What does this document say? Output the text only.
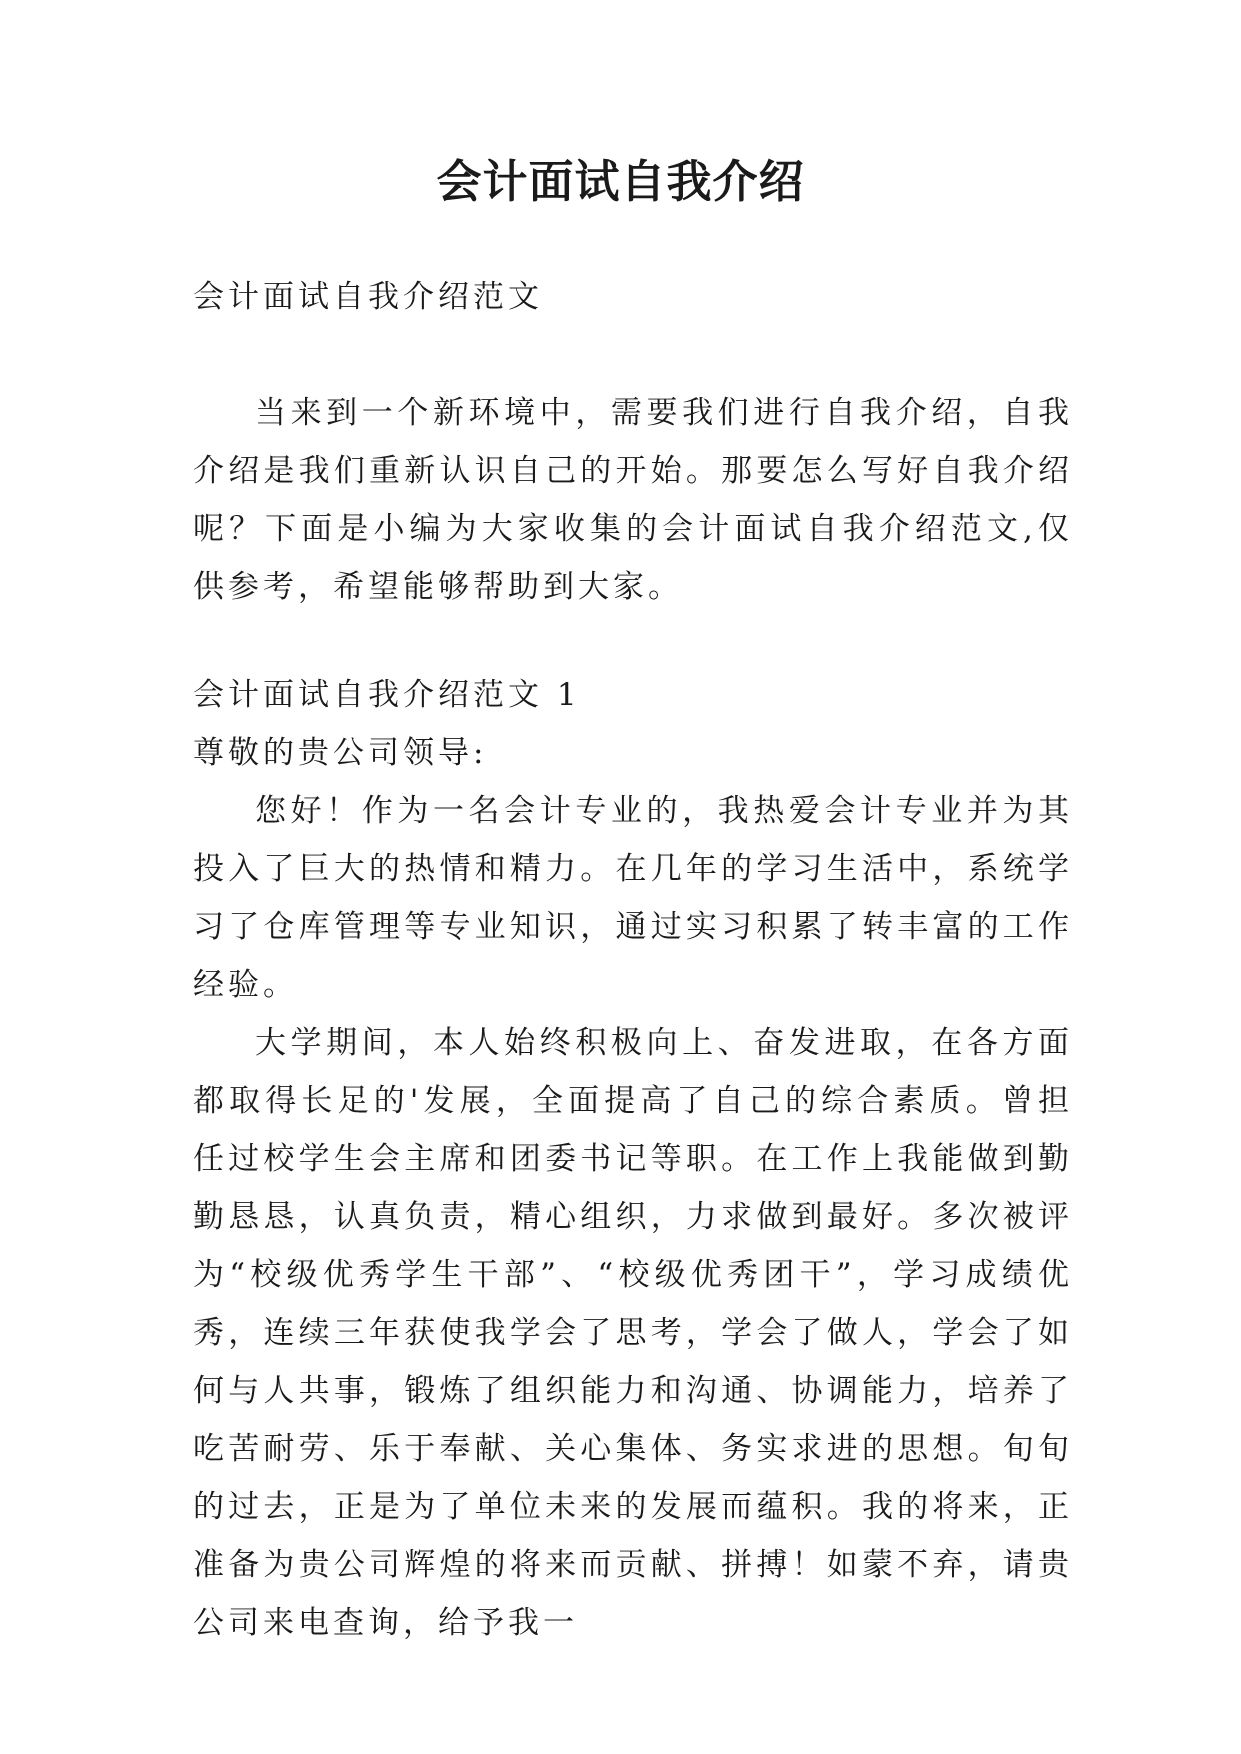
会计面试自我介绍

会计面试自我介绍范文

当来到一个新环境中，需要我们进行自我介绍，自我介绍是我们重新认识自己的开始。那要怎么写好自我介绍呢？下面是小编为大家收集的会计面试自我介绍范文,仅供参考，希望能够帮助到大家。

会计面试自我介绍范文 1

尊敬的贵公司领导:

您好！作为一名会计专业的，我热爱会计专业并为其投入了巨大的热情和精力。在几年的学习生活中，系统学习了仓库管理等专业知识，通过实习积累了转丰富的工作经验。

大学期间，本人始终积极向上、奋发进取，在各方面都取得长足的'发展，全面提高了自己的综合素质。曾担任过校学生会主席和团委书记等职。在工作上我能做到勤勤恳恳，认真负责，精心组织，力求做到最好。多次被评为“校级优秀学生干部”、“校级优秀团干”，学习成绩优秀，连续三年获使我学会了思考，学会了做人，学会了如何与人共事，锻炼了组织能力和沟通、协调能力，培养了吃苦耐劳、乐于奉献、关心集体、务实求进的思想。旬旬的过去，正是为了单位未来的发展而蕴积。我的将来，正准备为贵公司辉煌的将来而贡献、拼搏！如蒙不弃，请贵公司来电查询，给予我一
